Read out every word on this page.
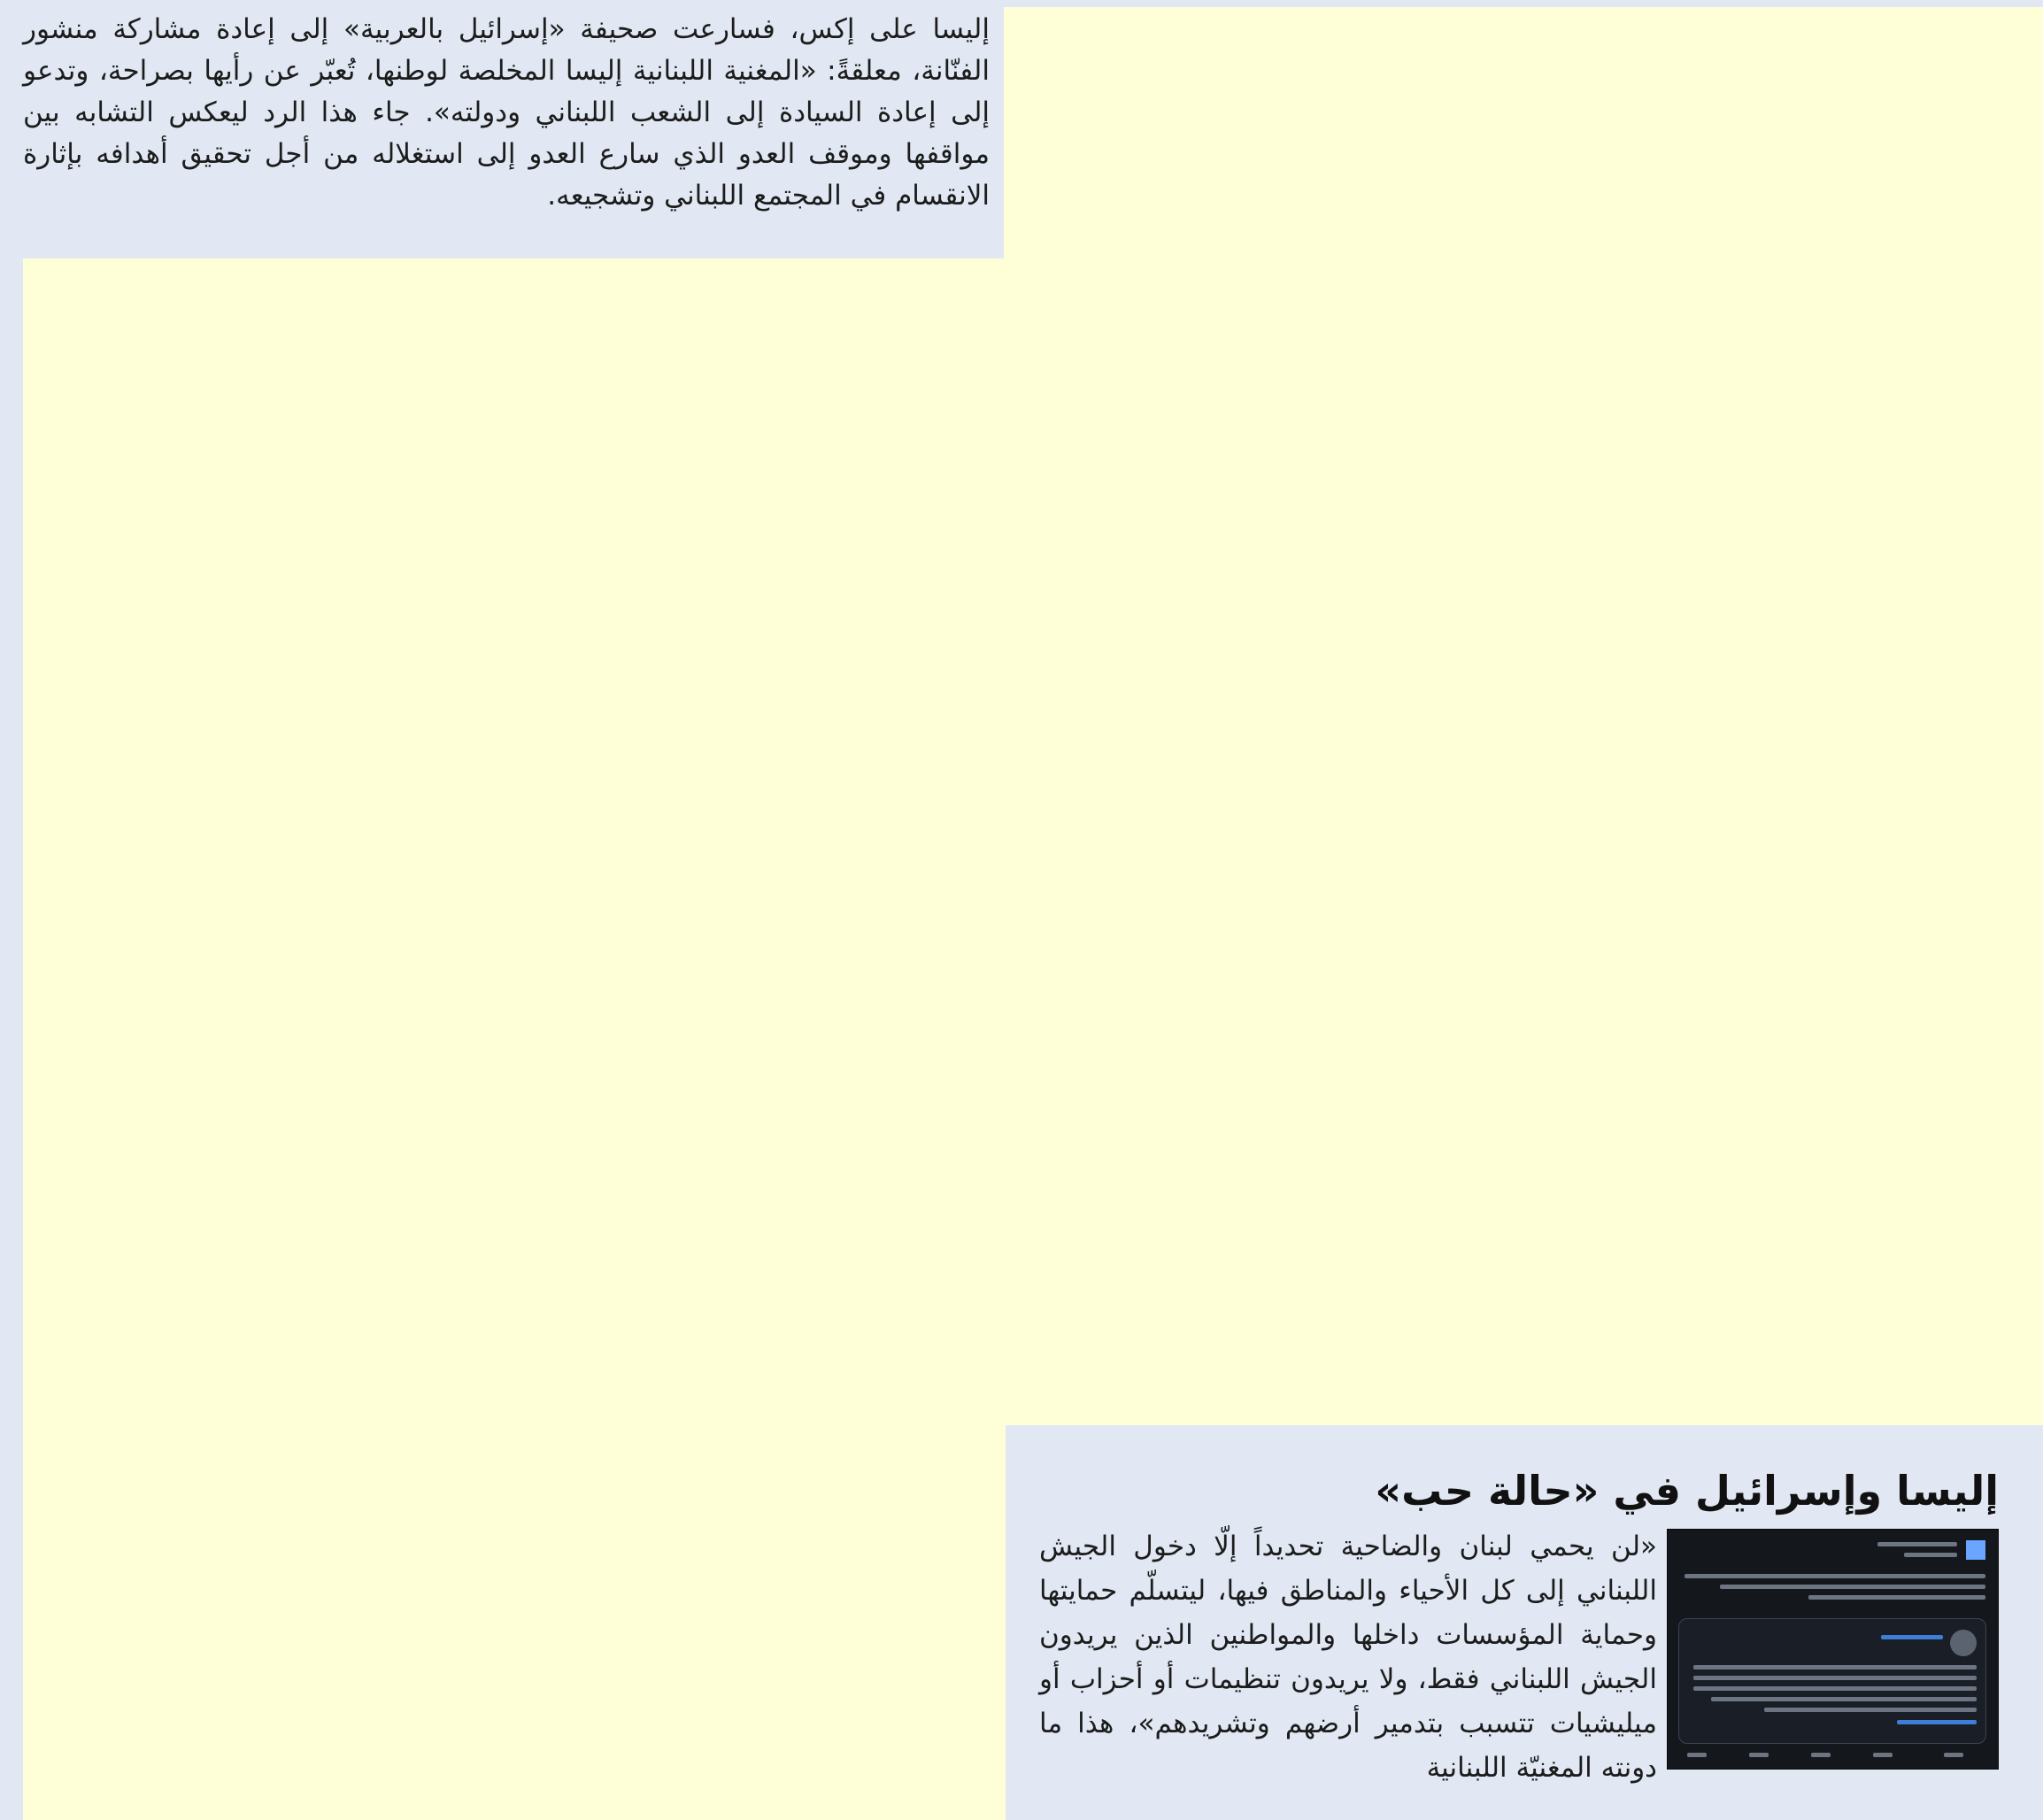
إليسا على إكس، فسارعت صحيفة «إسرائيل بالعربية» إلى إعادة مشاركة منشور الفنّانة، معلقةً: «المغنية اللبنانية إليسا المخلصة لوطنها، تُعبّر عن رأيها بصراحة، وتدعو إلى إعادة السيادة إلى الشعب اللبناني ودولته». جاء هذا الرد ليعكس التشابه بين مواقفها وموقف العدو الذي سارع العدو إلى استغلاله من أجل تحقيق أهدافه بإثارة الانقسام في المجتمع اللبناني وتشجيعه.

إليسا وإسرائيل في «حالة حب»

«لن يحمي لبنان والضاحية تحديداً إلّا دخول الجيش اللبناني إلى كل الأحياء والمناطق فيها، ليتسلّم حمايتها وحماية المؤسسات داخلها والمواطنين الذين يريدون الجيش اللبناني فقط، ولا يريدون تنظيمات أو أحزاب أو ميليشيات تتسبب بتدمير أرضهم وتشريدهم»، هذا ما دونته المغنيّة اللبنانية
